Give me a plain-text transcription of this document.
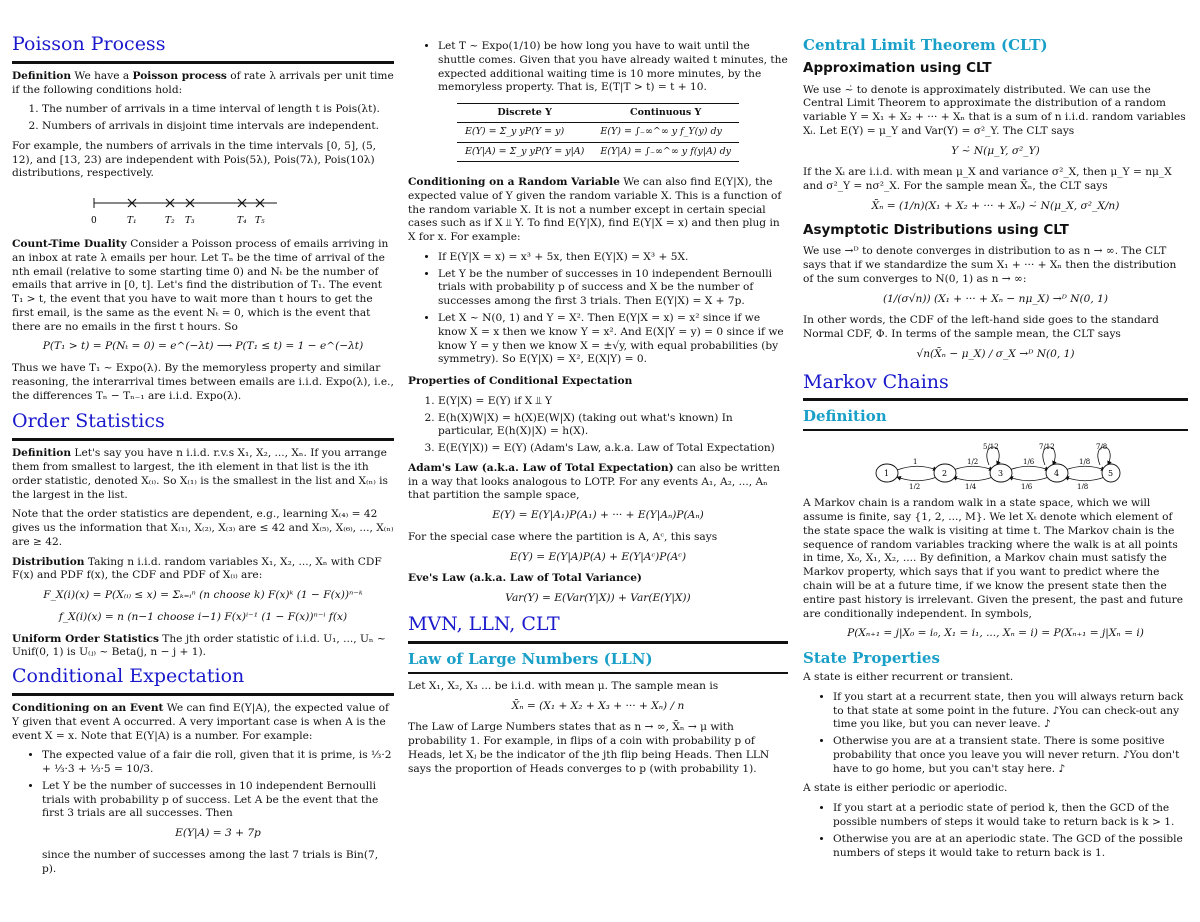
Poisson Process

Definition We have a Poisson process of rate λ arrivals per unit time if the following conditions hold:

1. The number of arrivals in a time interval of length t is Pois(λt).
2. Numbers of arrivals in disjoint time intervals are independent.

For example, the numbers of arrivals in the time intervals [0, 5], (5, 12), and [13, 23) are independent with Pois(5λ), Pois(7λ), Pois(10λ) distributions, respectively.

0	T₁	T₂ T₃	T₄ T₅

Count-Time Duality Consider a Poisson process of emails arriving in an inbox at rate λ emails per hour. Let Tₙ be the time of arrival of the nth email (relative to some starting time 0) and Nₜ be the number of emails that arrive in [0, t]. Let's find the distribution of T₁. The event T₁ > t, the event that you have to wait more than t hours to get the first email, is the same as the event Nₜ = 0, which is the event that there are no emails in the first t hours. So

P(T₁ > t) = P(Nₜ = 0) = e^(−λt) ⟶ P(T₁ ≤ t) = 1 − e^(−λt)

Thus we have T₁ ~ Expo(λ). By the memoryless property and similar reasoning, the interarrival times between emails are i.i.d. Expo(λ), i.e., the differences Tₙ − Tₙ₋₁ are i.i.d. Expo(λ).

Order Statistics

Definition Let's say you have n i.i.d. r.v.s X₁, X₂, ..., Xₙ. If you arrange them from smallest to largest, the ith element in that list is the ith order statistic, denoted X₍ᵢ₎. So X₍₁₎ is the smallest in the list and X₍ₙ₎ is the largest in the list.

Note that the order statistics are dependent, e.g., learning X₍₄₎ = 42 gives us the information that X₍₁₎, X₍₂₎, X₍₃₎ are ≤ 42 and X₍₅₎, X₍₆₎, ..., X₍ₙ₎ are ≥ 42.

Distribution Taking n i.i.d. random variables X₁, X₂, ..., Xₙ with CDF F(x) and PDF f(x), the CDF and PDF of X₍ᵢ₎ are:

F_X(i)(x) = P(X₍ᵢ₎ ≤ x) = Σₖ₌ᵢⁿ (n choose k) F(x)ᵏ (1 − F(x))ⁿ⁻ᵏ
f_X(i)(x) = n (n−1 choose i−1) F(x)ⁱ⁻¹ (1 − F(x))ⁿ⁻ⁱ f(x)

Uniform Order Statistics The jth order statistic of i.i.d. U₁, ..., Uₙ ~ Unif(0, 1) is U₍ⱼ₎ ~ Beta(j, n − j + 1).

Conditional Expectation

Conditioning on an Event We can find E(Y|A), the expected value of Y given that event A occurred. A very important case is when A is the event X = x. Note that E(Y|A) is a number. For example:

• The expected value of a fair die roll, given that it is prime, is ⅓·2 + ⅓·3 + ⅓·5 = 10/3.
• Let Y be the number of successes in 10 independent Bernoulli trials with probability p of success. Let A be the event that the first 3 trials are all successes. Then
E(Y|A) = 3 + 7p
since the number of successes among the last 7 trials is Bin(7, p).
• Let T ~ Expo(1/10) be how long you have to wait until the shuttle comes. Given that you have already waited t minutes, the expected additional waiting time is 10 more minutes, by the memoryless property. That is, E(T|T > t) = t + 10.
Discrete Y	Continuous Y
E(Y) = Σ_y yP(Y = y)	E(Y) = ∫₋∞^∞ y f_Y(y) dy
E(Y|A) = Σ_y yP(Y = y|A)	E(Y|A) = ∫₋∞^∞ y f(y|A) dy

Conditioning on a Random Variable We can also find E(Y|X), the expected value of Y given the random variable X. This is a function of the random variable X. It is not a number except in certain special cases such as if X ⫫ Y. To find E(Y|X), find E(Y|X = x) and then plug in X for x. For example:

• If E(Y|X = x) = x³ + 5x, then E(Y|X) = X³ + 5X.
• Let Y be the number of successes in 10 independent Bernoulli trials with probability p of success and X be the number of successes among the first 3 trials. Then E(Y|X) = X + 7p.
• Let X ~ N(0, 1) and Y = X². Then E(Y|X = x) = x² since if we know X = x then we know Y = x². And E(X|Y = y) = 0 since if we know Y = y then we know X = ±√y, with equal probabilities (by symmetry). So E(Y|X) = X², E(X|Y) = 0.

Properties of Conditional Expectation

1. E(Y|X) = E(Y) if X ⫫ Y
2. E(h(X)W|X) = h(X)E(W|X) (taking out what's known) In particular, E(h(X)|X) = h(X).
3. E(E(Y|X)) = E(Y) (Adam's Law, a.k.a. Law of Total Expectation)

Adam's Law (a.k.a. Law of Total Expectation) can also be written in a way that looks analogous to LOTP. For any events A₁, A₂, ..., Aₙ that partition the sample space,

E(Y) = E(Y|A₁)P(A₁) + ··· + E(Y|Aₙ)P(Aₙ)

For the special case where the partition is A, Aᶜ, this says

E(Y) = E(Y|A)P(A) + E(Y|Aᶜ)P(Aᶜ)

Eve's Law (a.k.a. Law of Total Variance)

Var(Y) = E(Var(Y|X)) + Var(E(Y|X))
MVN, LLN, CLT
Law of Large Numbers (LLN)

Let X₁, X₂, X₃ ... be i.i.d. with mean μ. The sample mean is

X̄ₙ = (X₁ + X₂ + X₃ + ··· + Xₙ) / n

The Law of Large Numbers states that as n → ∞, X̄ₙ → μ with probability 1. For example, in flips of a coin with probability p of Heads, let Xⱼ be the indicator of the jth flip being Heads. Then LLN says the proportion of Heads converges to p (with probability 1).

Central Limit Theorem (CLT)
Approximation using CLT

We use ~̇ to denote is approximately distributed. We can use the Central Limit Theorem to approximate the distribution of a random variable Y = X₁ + X₂ + ··· + Xₙ that is a sum of n i.i.d. random variables Xᵢ. Let E(Y) = μ_Y and Var(Y) = σ²_Y. The CLT says

Y ~̇ N(μ_Y, σ²_Y)

If the Xᵢ are i.i.d. with mean μ_X and variance σ²_X, then μ_Y = nμ_X and σ²_Y = nσ²_X. For the sample mean X̄ₙ, the CLT says

X̄ₙ = (1/n)(X₁ + X₂ + ··· + Xₙ) ~̇ N(μ_X, σ²_X/n)
Asymptotic Distributions using CLT

We use →ᴰ to denote converges in distribution to as n → ∞. The CLT says that if we standardize the sum X₁ + ··· + Xₙ then the distribution of the sum converges to N(0, 1) as n → ∞:

(1/(σ√n)) (X₁ + ··· + Xₙ − nμ_X) →ᴰ N(0, 1)

In other words, the CDF of the left-hand side goes to the standard Normal CDF, Φ. In terms of the sample mean, the CLT says

√n(X̄ₙ − μ_X) / σ_X →ᴰ N(0, 1)
Markov Chains
Definition
5/12	7/12	7/8
1	1/2	1/6	1/8
1/2	1/4	1/6	1/8
1	2	3	4	5

A Markov chain is a random walk in a state space, which we will assume is finite, say {1, 2, ..., M}. We let Xₜ denote which element of the state space the walk is visiting at time t. The Markov chain is the sequence of random variables tracking where the walk is at all points in time, X₀, X₁, X₂, .... By definition, a Markov chain must satisfy the Markov property, which says that if you want to predict where the chain will be at a future time, if we know the present state then the entire past history is irrelevant. Given the present, the past and future are conditionally independent. In symbols,

P(Xₙ₊₁ = j|X₀ = i₀, X₁ = i₁, ..., Xₙ = i) = P(Xₙ₊₁ = j|Xₙ = i)
State Properties

A state is either recurrent or transient.

• If you start at a recurrent state, then you will always return back to that state at some point in the future. ♪You can check-out any time you like, but you can never leave. ♪
• Otherwise you are at a transient state. There is some positive probability that once you leave you will never return. ♪You don't have to go home, but you can't stay here. ♪

A state is either periodic or aperiodic.

• If you start at a periodic state of period k, then the GCD of the possible numbers of steps it would take to return back is k > 1.
• Otherwise you are at an aperiodic state. The GCD of the possible numbers of steps it would take to return back is 1.
